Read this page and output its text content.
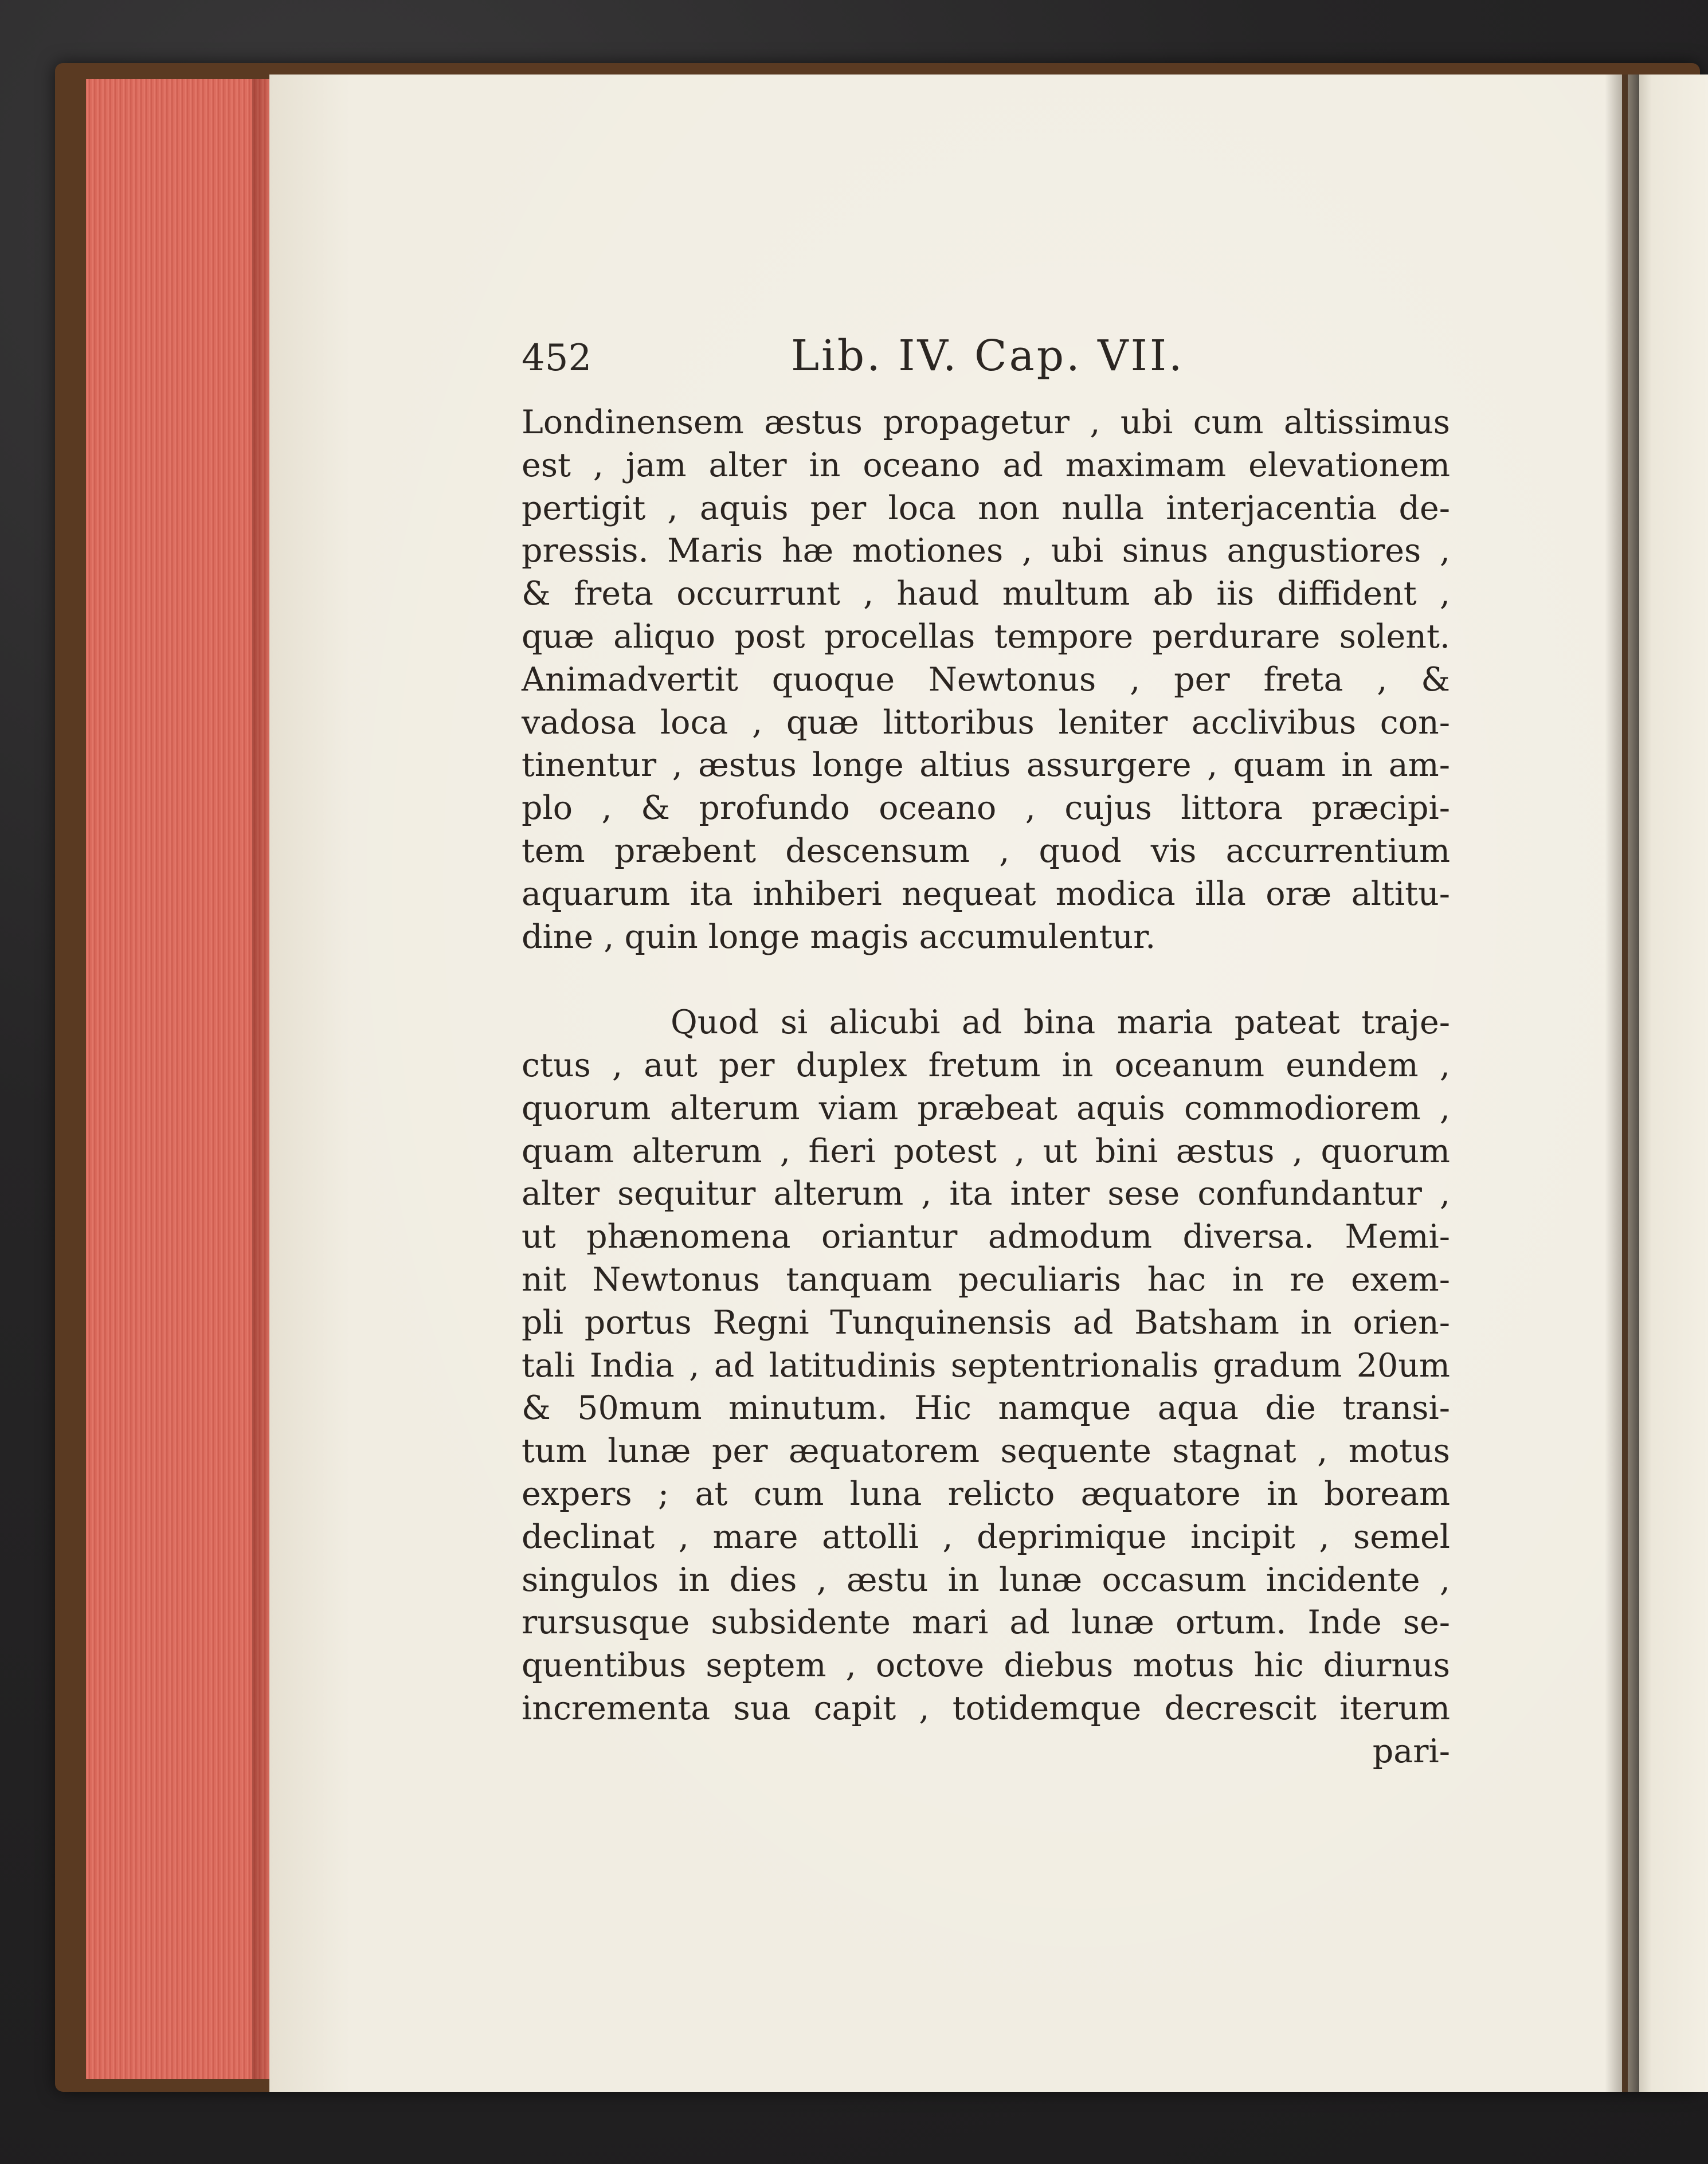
452	Lib. IV. Cap. VII.
Londinensem æstus propagetur , ubi cum altissimus
est , jam alter in oceano ad maximam elevationem
pertigit , aquis per loca non nulla interjacentia de-
pressis. Maris hæ motiones , ubi sinus angustiores ,
& freta occurrunt , haud multum ab iis diffident ,
quæ aliquo post procellas tempore perdurare solent.
Animadvertit quoque Newtonus , per freta , &
vadosa loca , quæ littoribus leniter acclivibus con-
tinentur , æstus longe altius assurgere , quam in am-
plo , & profundo oceano , cujus littora præcipi-
tem præbent descensum , quod vis accurrentium
aquarum ita inhiberi nequeat modica illa oræ altitu-
dine , quin longe magis accumulentur.
Quod si alicubi ad bina maria pateat traje-
ctus , aut per duplex fretum in oceanum eundem ,
quorum alterum viam præbeat aquis commodiorem ,
quam alterum , fieri potest , ut bini æstus , quorum
alter sequitur alterum , ita inter sese confundantur ,
ut phænomena oriantur admodum diversa. Memi-
nit Newtonus tanquam peculiaris hac in re exem-
pli portus Regni Tunquinensis ad Batsham in orien-
tali India , ad latitudinis septentrionalis gradum 20um
& 50mum minutum. Hic namque aqua die transi-
tum lunæ per æquatorem sequente stagnat , motus
expers ; at cum luna relicto æquatore in boream
declinat , mare attolli , deprimique incipit , semel
singulos in dies , æstu in lunæ occasum incidente ,
rursusque subsidente mari ad lunæ ortum. Inde se-
quentibus septem , octove diebus motus hic diurnus
incrementa sua capit , totidemque decrescit iterum
pari-
